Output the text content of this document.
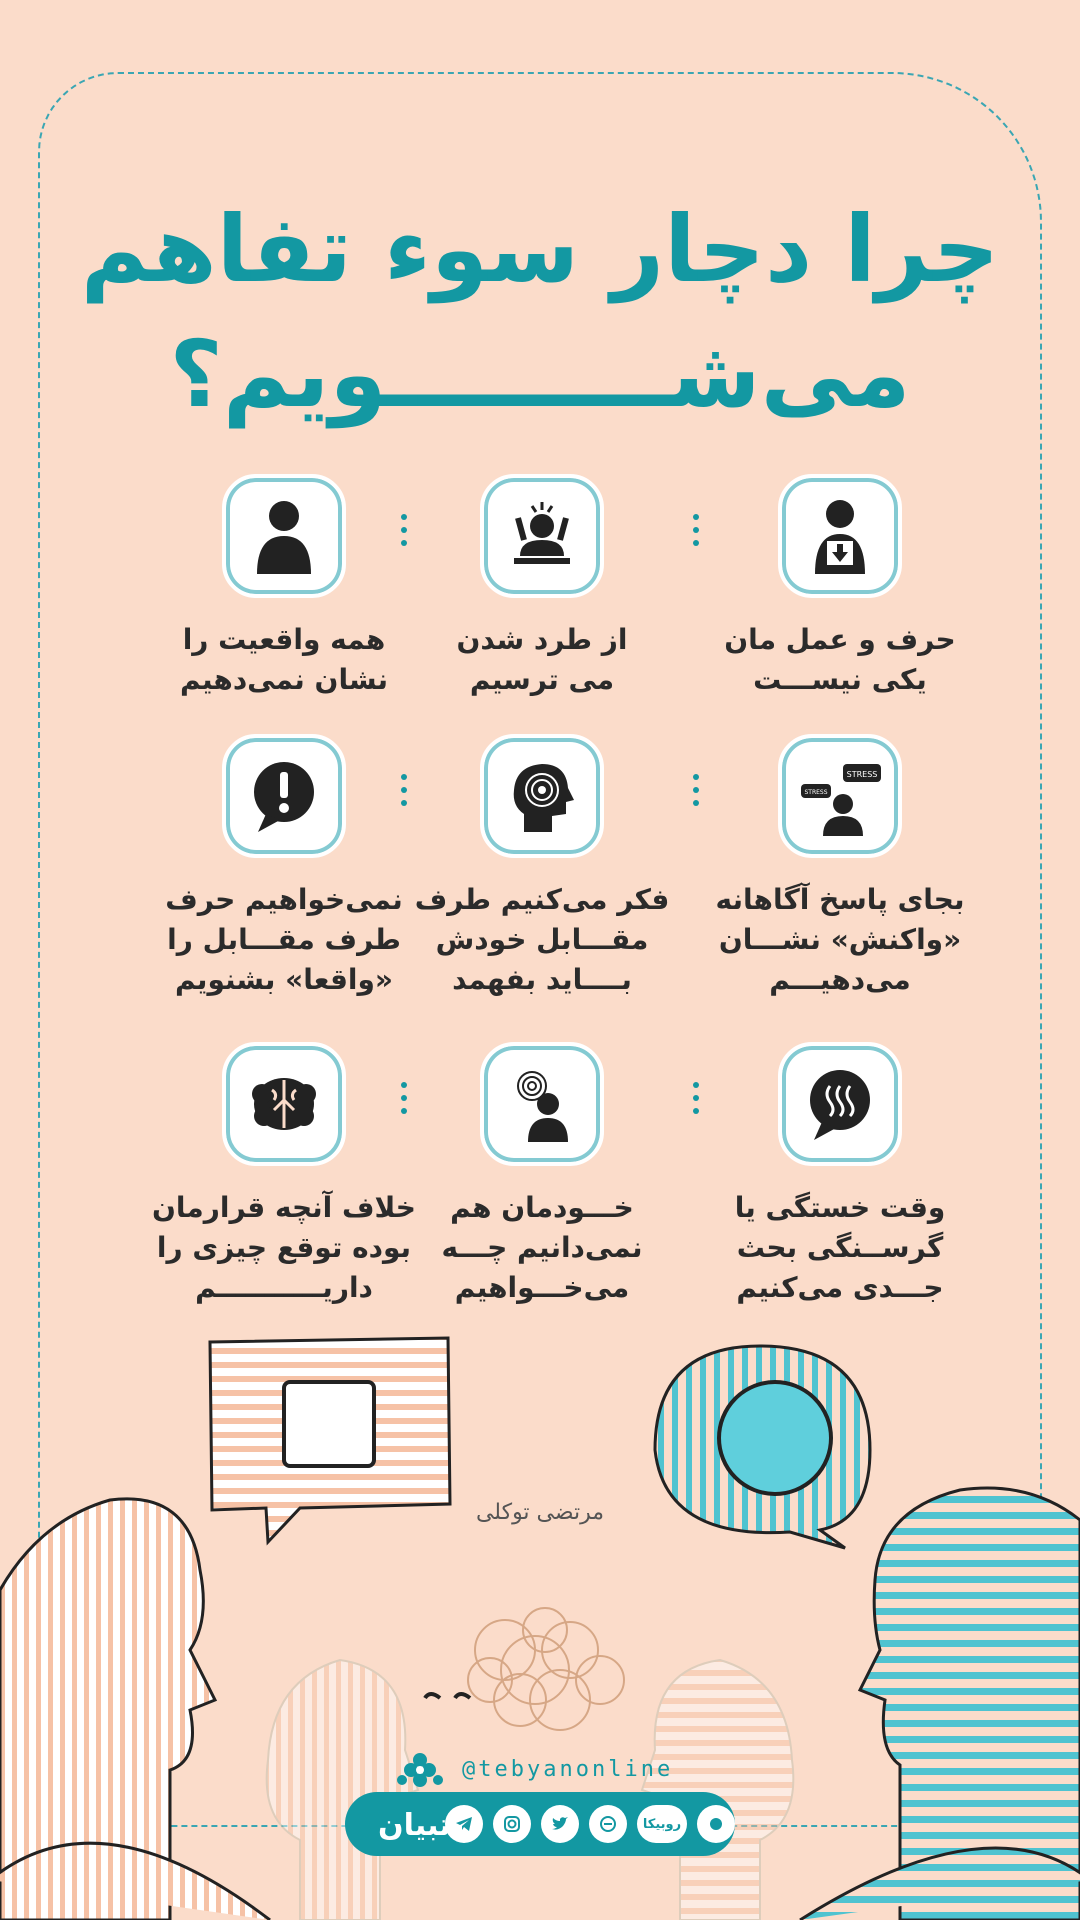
چرا دچار سوء تفاهم
می‌شـــــــــویم؟
حرف و عمل مان
یکی نیســـت
از طرد شدن
می ترسیم
همه واقعیت را
نشان نمی‌دهیم
STRESS
STRESS
بجای پاسخ آگاهانه
«واکنش» نشـــان
می‌دهیـــم
فکر می‌کنیم طرف
مقـــابل خودش
بــــاید بفهمد
نمی‌خواهیم حرف
طرف مقـــابل را
«واقعا» بشنویم
وقت خستگی یا
گرســنگی بحث
جـــدی می‌کنیم
خـــودمان هم
نمی‌دانیم چـــه
می‌خـــواهیم
خلاف آنچه قرارمان
بوده توقع چیزی را
داریـــــــــــم
مرتضی توکلی
@tebyanonline
روبیکا
تبیان
